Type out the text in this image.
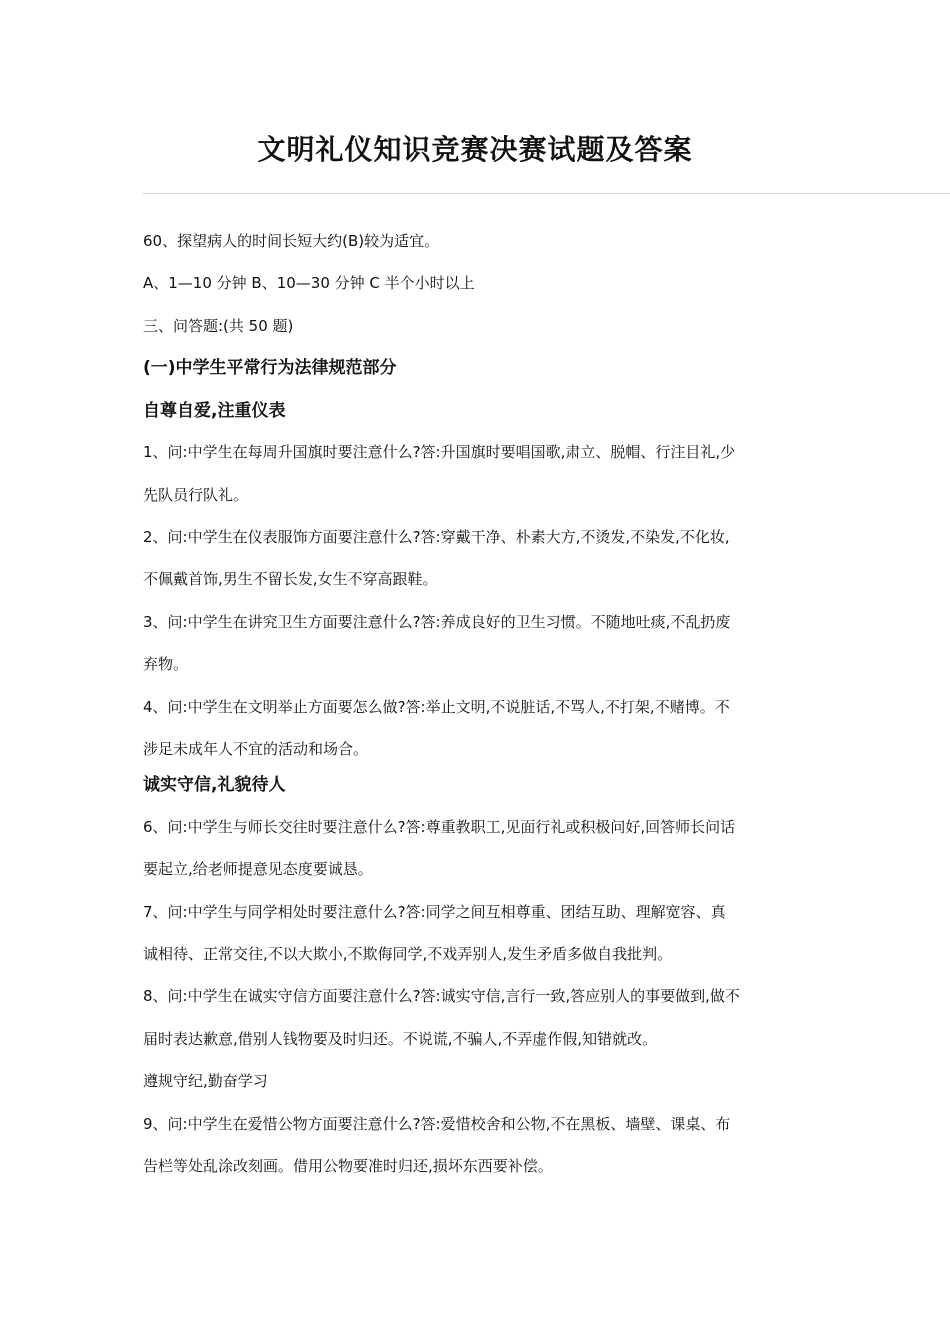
文明礼仪知识竞赛决赛试题及答案

60、探望病人的时间长短大约(B)较为适宜。

A、1—10 分钟 B、10—30 分钟 C 半个小时以上

三、问答题:(共 50 题)

(一)中学生平常行为法律规范部分

自尊自爱,注重仪表

1、问:中学生在每周升国旗时要注意什么?答:升国旗时要唱国歌,肃立、脱帽、行注目礼,少

先队员行队礼。

2、问:中学生在仪表服饰方面要注意什么?答:穿戴干净、朴素大方,不烫发,不染发,不化妆,

不佩戴首饰,男生不留长发,女生不穿高跟鞋。

3、问:中学生在讲究卫生方面要注意什么?答:养成良好的卫生习惯。不随地吐痰,不乱扔废

弃物。

4、问:中学生在文明举止方面要怎么做?答:举止文明,不说脏话,不骂人,不打架,不赌博。不

涉足未成年人不宜的活动和场合。

诚实守信,礼貌待人

6、问:中学生与师长交往时要注意什么?答:尊重教职工,见面行礼或积极问好,回答师长问话

要起立,给老师提意见态度要诚恳。

7、问:中学生与同学相处时要注意什么?答:同学之间互相尊重、团结互助、理解宽容、真

诚相待、正常交往,不以大欺小,不欺侮同学,不戏弄别人,发生矛盾多做自我批判。

8、问:中学生在诚实守信方面要注意什么?答:诚实守信,言行一致,答应别人的事要做到,做不

届时表达歉意,借别人钱物要及时归还。不说谎,不骗人,不弄虚作假,知错就改。

遵规守纪,勤奋学习

9、问:中学生在爱惜公物方面要注意什么?答:爱惜校舍和公物,不在黑板、墙壁、课桌、布

告栏等处乱涂改刻画。借用公物要准时归还,损坏东西要补偿。
